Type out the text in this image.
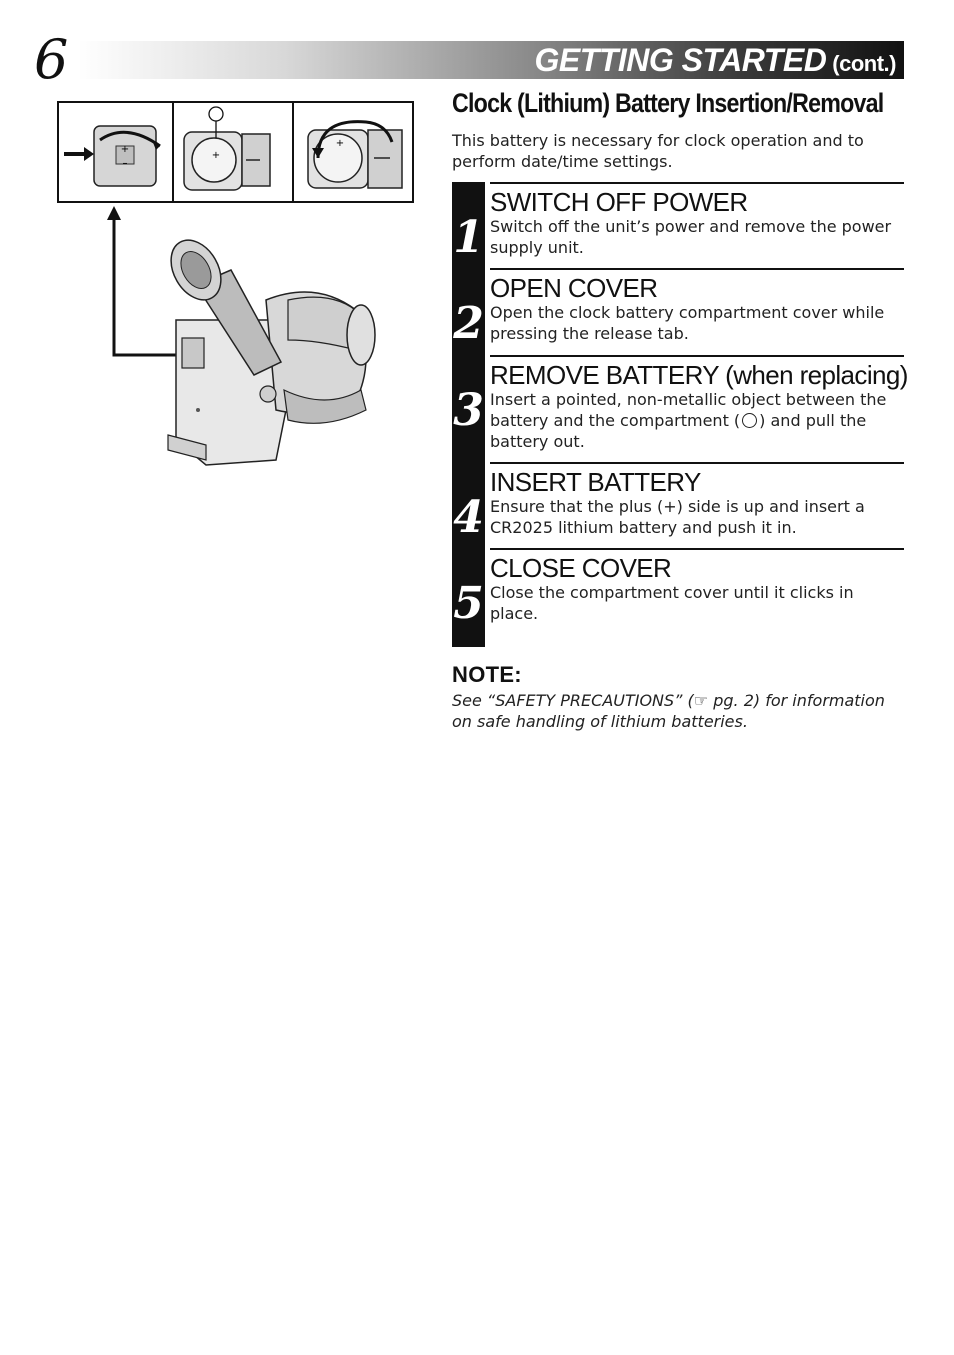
6	GETTING STARTED (cont.)
+
–
+
+
Clock (Lithium) Battery Insertion/Removal
This battery is necessary for clock operation and to perform date/time settings.
1
SWITCH OFF POWER
Switch off the unit’s power and remove the power supply unit.
2
OPEN COVER
Open the clock battery compartment cover while pressing the release tab.
3
REMOVE BATTERY (when replacing)
Insert a pointed, non-metallic object between the battery and the compartment ( ) and pull the battery out.
4
INSERT BATTERY
Ensure that the plus (+) side is up and insert a CR2025 lithium battery and push it in.
5
CLOSE COVER
Close the compartment cover until it clicks in place.
NOTE:
See “SAFETY PRECAUTIONS” (☞ pg. 2) for information on safe handling of lithium batteries.
